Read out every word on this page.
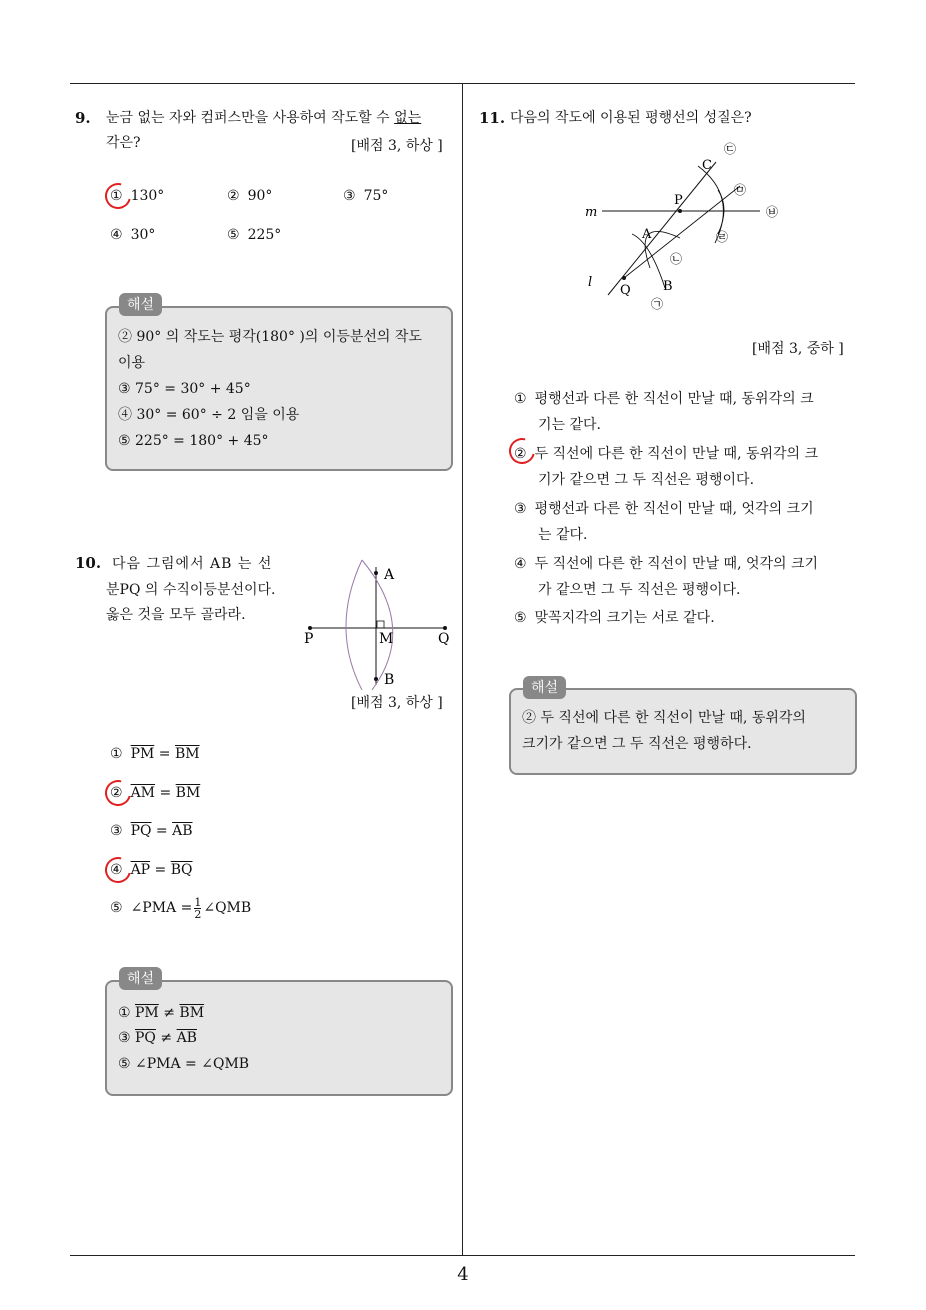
9. 눈금 없는 자와 컴퍼스만을 사용하여 작도할 수 없는
각은?	[배점 3, 하상 ]
① 130°	② 90°	③ 75°
④ 30°	⑤ 225°
해설
② 90° 의 작도는 평각(180° )의 이등분선의 작도
이용
③ 75° = 30° + 45°
④ 30° = 60° ÷ 2 임을 이용
⑤ 225° = 180° + 45°
10. 다음 그림에서 AB 는 선
분PQ 의 수직이등분선이다.
옳은 것을 모두 골라라.
P	Q
M
A
B
[배점 3, 하상 ]
① $\overline{PM} = \overline{BM}$
② $\overline{AM} = \overline{BM}$
③ $\overline{PQ} = \overline{AB}$
④ $\overline{AP} = \overline{BQ}$
⑤ ∠PMA = $\frac{1}{2}$ ∠QMB
해설
① $\overline{PM} \ne \overline{BM}$
③ $\overline{PQ} \ne \overline{AB}$
⑤ ∠PMA = ∠QMB
11. 다음의 작도에 이용된 평행선의 성질은?
C
P
m
A
l
Q B
㉠
㉡
㉢
㉣
㉤
㉥
[배점 3, 중하 ]
① 평행선과 다른 한 직선이 만날 때, 동위각의 크
기는 같다.
② 두 직선에 다른 한 직선이 만날 때, 동위각의 크
기가 같으면 그 두 직선은 평행이다.
③ 평행선과 다른 한 직선이 만날 때, 엇각의 크기
는 같다.
④ 두 직선에 다른 한 직선이 만날 때, 엇각의 크기
가 같으면 그 두 직선은 평행이다.
⑤ 맞꼭지각의 크기는 서로 같다.
해설
② 두 직선에 다른 한 직선이 만날 때, 동위각의
크기가 같으면 그 두 직선은 평행하다.
4
